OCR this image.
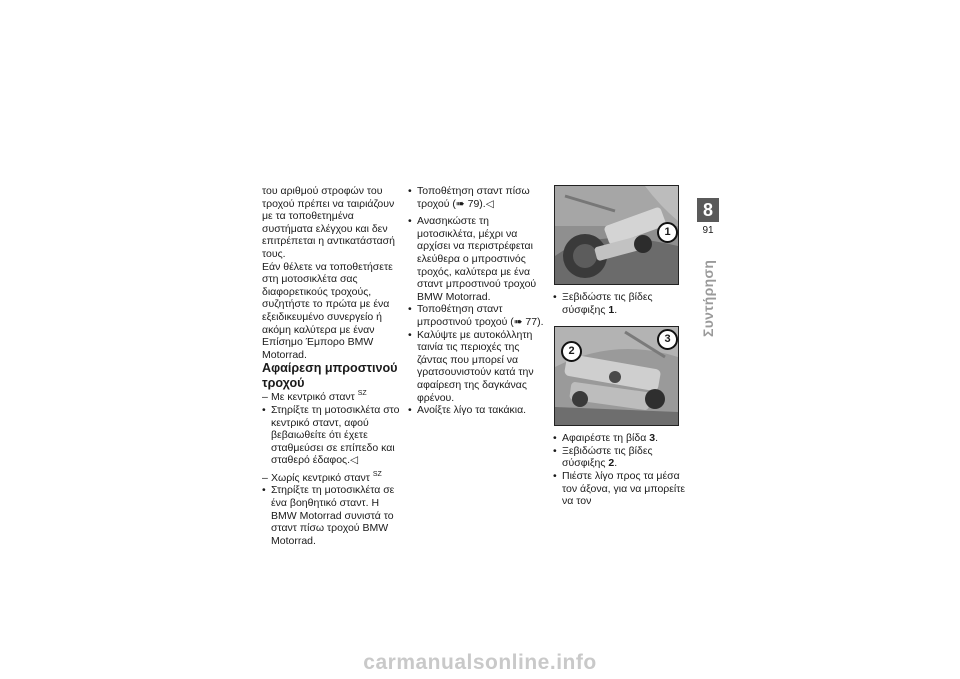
του αριθμού στροφών του τροχού πρέπει να ταιριάζουν με τα τοποθετημένα συστήματα ελέγχου και δεν επιτρέπεται η αντικατάστασή τους.

Εάν θέλετε να τοποθετήσετε στη μοτοσικλέτα σας διαφορετικούς τροχούς, συζητήστε το πρώτα με ένα εξειδικευμένο συνεργείο ή ακόμη καλύτερα με έναν Επίσημο Έμπορο BMW Motorrad.

Αφαίρεση μπροστινού τροχού

– Με κεντρικό σταντ $^{SZ}$

• Στηρίξτε τη μοτοσικλέτα στο κεντρικό σταντ, αφού βεβαιωθείτε ότι έχετε σταθμεύσει σε επίπεδο και σταθερό έδαφος.◁

– Χωρίς κεντρικό σταντ $^{SZ}$

• Στηρίξτε τη μοτοσικλέτα σε ένα βοηθητικό σταντ. Η BMW Motorrad συνιστά το σταντ πίσω τροχού BMW Motorrad.

• Τοποθέτηση σταντ πίσω τροχού (➠ 79).◁

• Ανασηκώστε τη μοτοσικλέτα, μέχρι να αρχίσει να περιστρέφεται ελεύθερα ο μπροστινός τροχός, καλύτερα με ένα σταντ μπροστινού τροχού BMW Motorrad.

• Τοποθέτηση σταντ μπροστινού τροχού (➠ 77).

• Καλύψτε με αυτοκόλλητη ταινία τις περιοχές της ζάντας που μπορεί να γρατσουνιστούν κατά την αφαίρεση της δαγκάνας φρένου.

• Ανοίξτε λίγο τα τακάκια.

1

• Ξεβιδώστε τις βίδες σύσφιξης 1.

2
3

• Αφαιρέστε τη βίδα 3.

• Ξεβιδώστε τις βίδες σύσφιξης 2.

• Πιέστε λίγο προς τα μέσα τον άξονα, για να μπορείτε να τον

8
91
Συντήρηση
carmanualsonline.info
